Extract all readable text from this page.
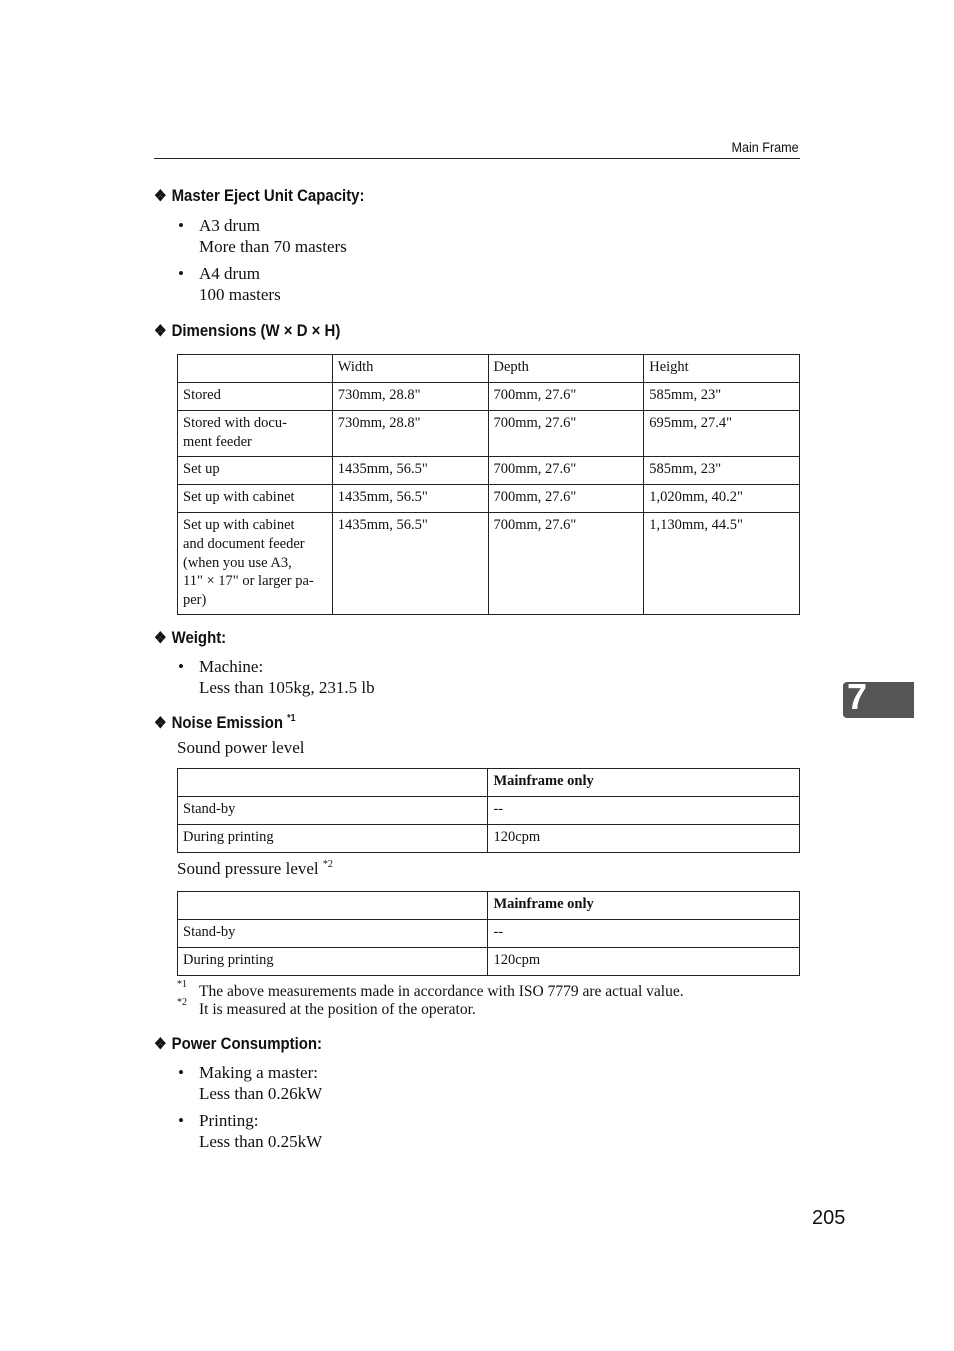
Main Frame
❖ Master Eject Unit Capacity:
• A3 drum
More than 70 masters
• A4 drum
100 masters
❖ Dimensions (W × D × H)
	Width	Depth	Height
Stored	730mm, 28.8"	700mm, 27.6"	585mm, 23"
Stored with docu-
ment feeder	730mm, 28.8"	700mm, 27.6"	695mm, 27.4"
Set up	1435mm, 56.5"	700mm, 27.6"	585mm, 23"
Set up with cabinet	1435mm, 56.5"	700mm, 27.6"	1,020mm, 40.2"
Set up with cabinet
and document feeder
(when you use A3,
11" × 17" or larger pa-
per)	1435mm, 56.5"	700mm, 27.6"	1,130mm, 44.5"
❖ Weight:
• Machine:
Less than 105kg, 231.5 lb
❖ Noise Emission $^{*1}$
Sound power level
	Mainframe only
Stand-by	--
During printing	120cpm
Sound pressure level $^{*2}$
	Mainframe only
Stand-by	--
During printing	120cpm
*1 The above measurements made in accordance with ISO 7779 are actual value.
*2 It is measured at the position of the operator.
❖ Power Consumption:
• Making a master:
Less than 0.26kW
• Printing:
Less than 0.25kW
7
205
